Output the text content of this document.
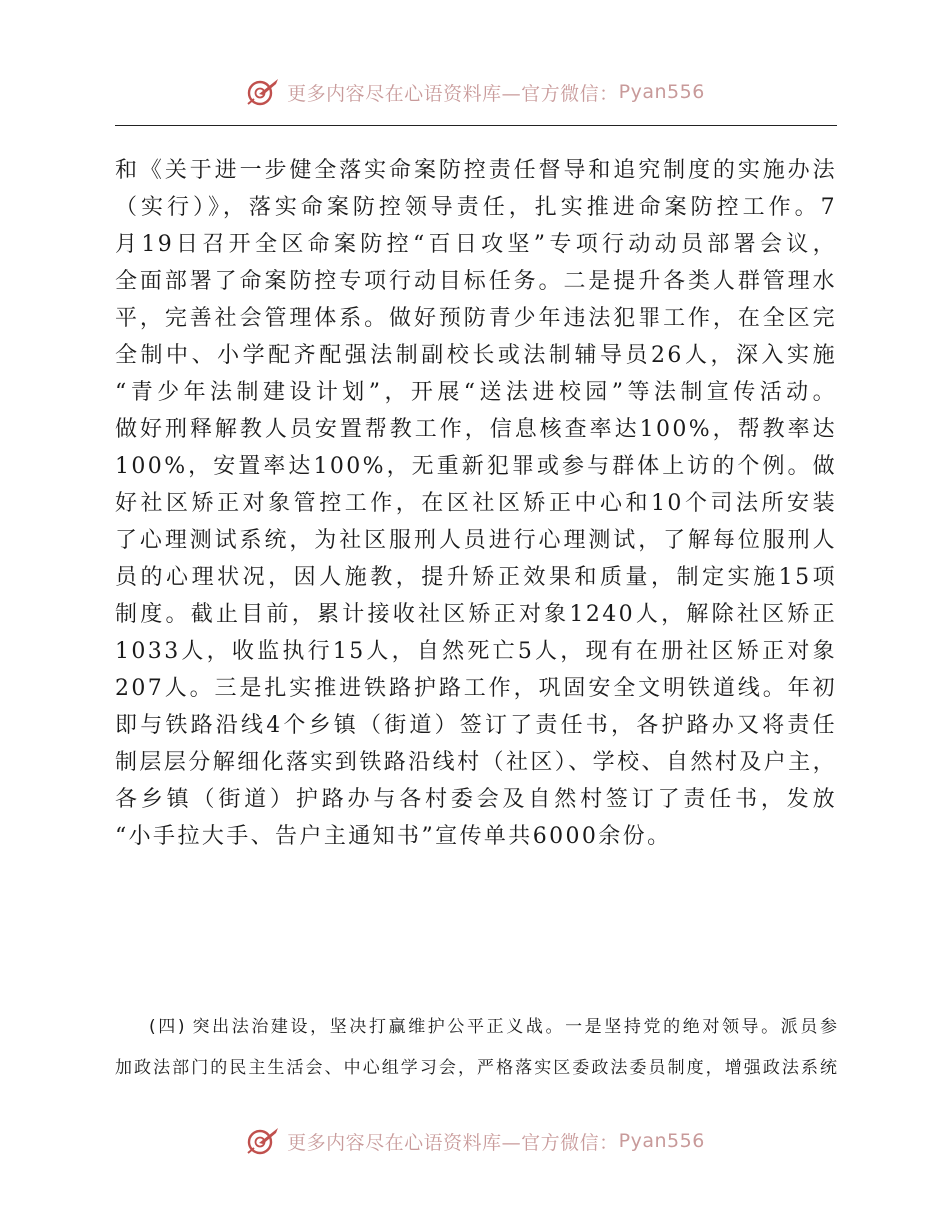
更多内容尽在心语资料库—官方微信： Pyan556
和《关于进一步健全落实命案防控责任督导和追究制度的实施办法
（实行）》，落实命案防控领导责任，扎实推进命案防控工作。7
月19日召开全区命案防控“百日攻坚”专项行动动员部署会议，
全面部署了命案防控专项行动目标任务。二是提升各类人群管理水
平，完善社会管理体系。做好预防青少年违法犯罪工作，在全区完
全制中、小学配齐配强法制副校长或法制辅导员26人，深入实施
“青少年法制建设计划”，开展“送法进校园”等法制宣传活动。
做好刑释解教人员安置帮教工作，信息核查率达100%，帮教率达
100%，安置率达100%，无重新犯罪或参与群体上访的个例。做
好社区矫正对象管控工作，在区社区矫正中心和10个司法所安装
了心理测试系统，为社区服刑人员进行心理测试，了解每位服刑人
员的心理状况，因人施教，提升矫正效果和质量，制定实施15项
制度。截止目前，累计接收社区矫正对象1240人，解除社区矫正
1033人，收监执行15人，自然死亡5人，现有在册社区矫正对象
207人。三是扎实推进铁路护路工作，巩固安全文明铁道线。年初
即与铁路沿线4个乡镇（街道）签订了责任书，各护路办又将责任
制层层分解细化落实到铁路沿线村（社区）、学校、自然村及户主，
各乡镇（街道）护路办与各村委会及自然村签订了责任书，发放
“小手拉大手、告户主通知书”宣传单共6000余份。
(四) 突出法治建设，坚决打赢维护公平正义战。一是坚持党的绝对领导。派员参
加政法部门的民主生活会、中心组学习会，严格落实区委政法委员制度，增强政法系统
更多内容尽在心语资料库—官方微信： Pyan556
